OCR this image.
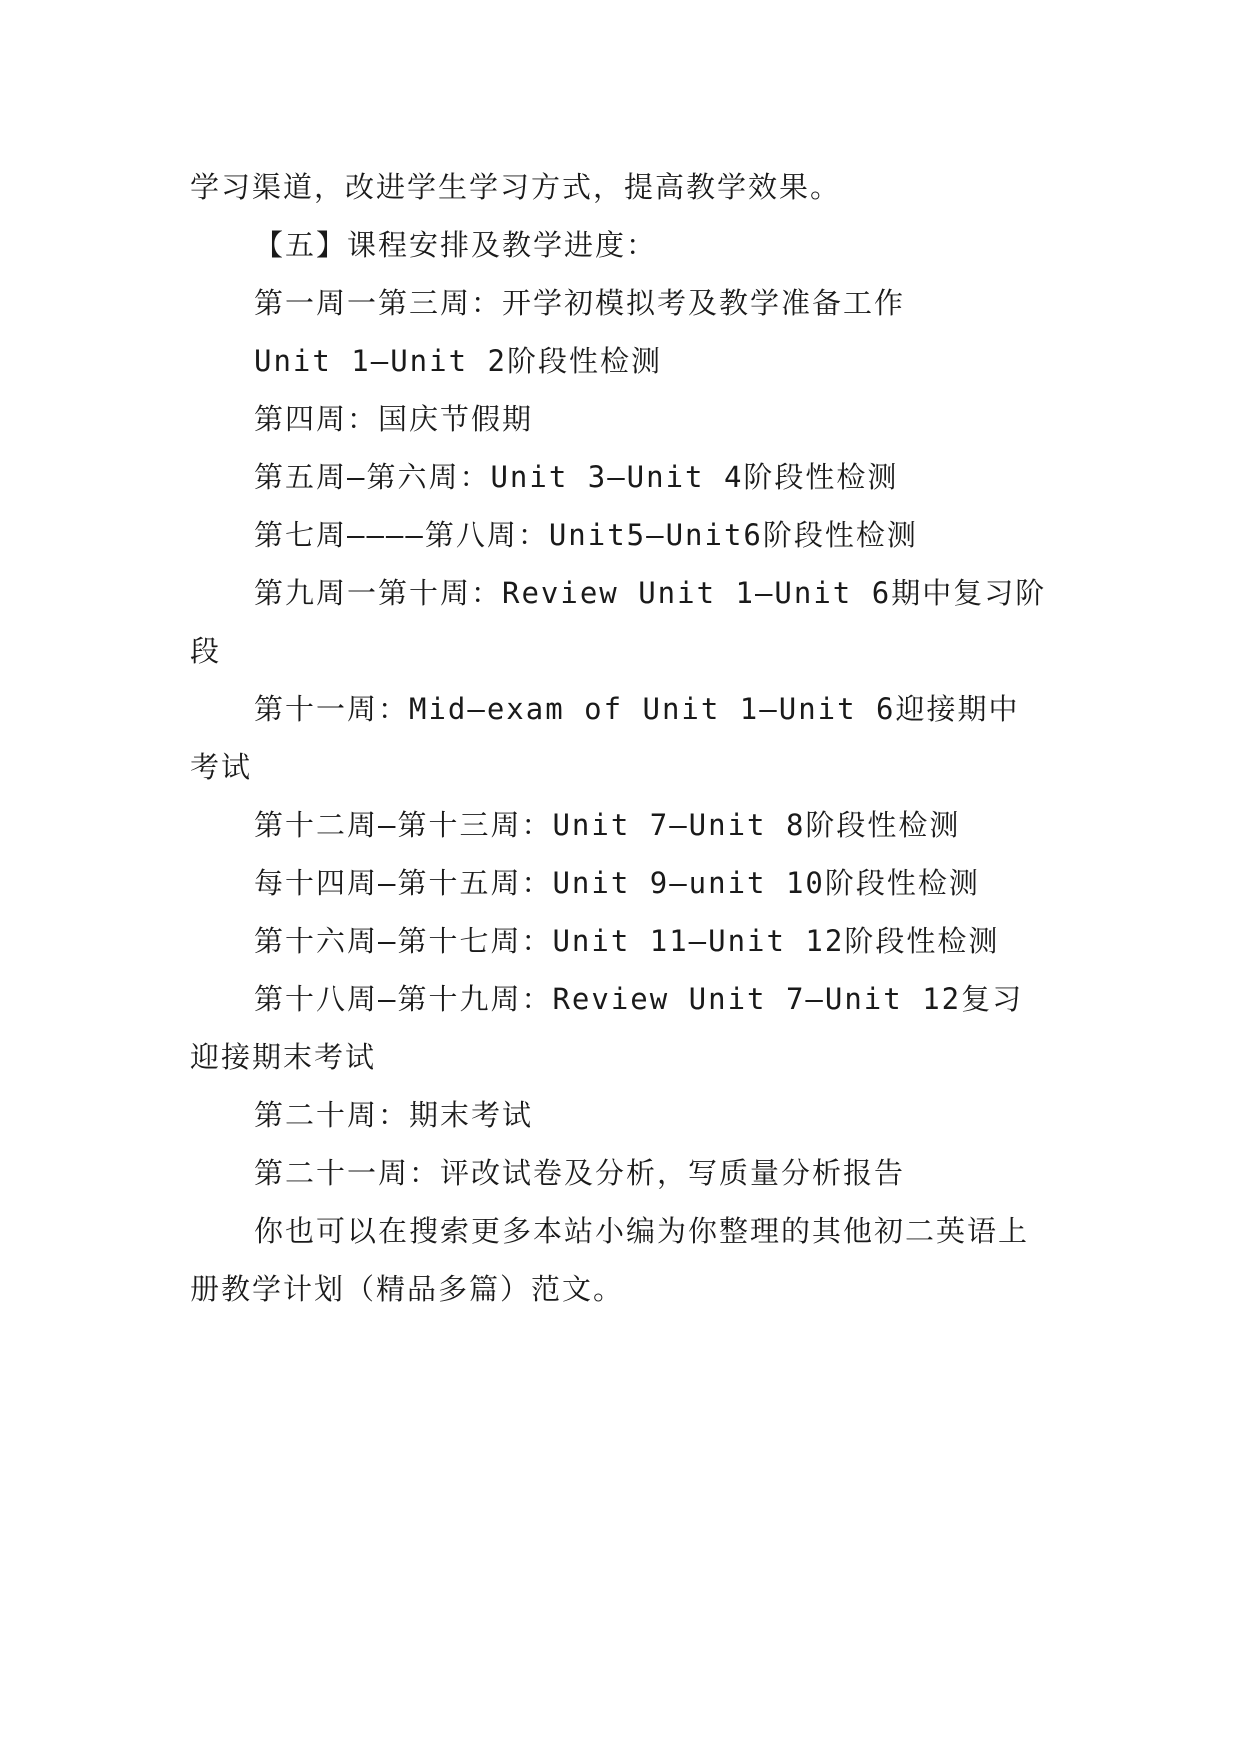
学习渠道，改进学生学习方式，提高教学效果。

【五】课程安排及教学进度：

第一周一第三周：开学初模拟考及教学准备工作

Unit 1—Unit 2阶段性检测

第四周：国庆节假期

第五周—第六周：Unit 3—Unit 4阶段性检测

第七周————第八周：Unit5—Unit6阶段性检测

第九周一第十周：Review Unit 1—Unit 6期中复习阶段

第十一周：Mid—exam of Unit 1—Unit 6迎接期中考试

第十二周—第十三周：Unit 7—Unit 8阶段性检测

每十四周—第十五周：Unit 9—unit 10阶段性检测

第十六周—第十七周：Unit 11—Unit 12阶段性检测

第十八周—第十九周：Review Unit 7—Unit 12复习迎接期末考试

第二十周：期末考试

第二十一周：评改试卷及分析，写质量分析报告

你也可以在搜索更多本站小编为你整理的其他初二英语上册教学计划（精品多篇）范文。
